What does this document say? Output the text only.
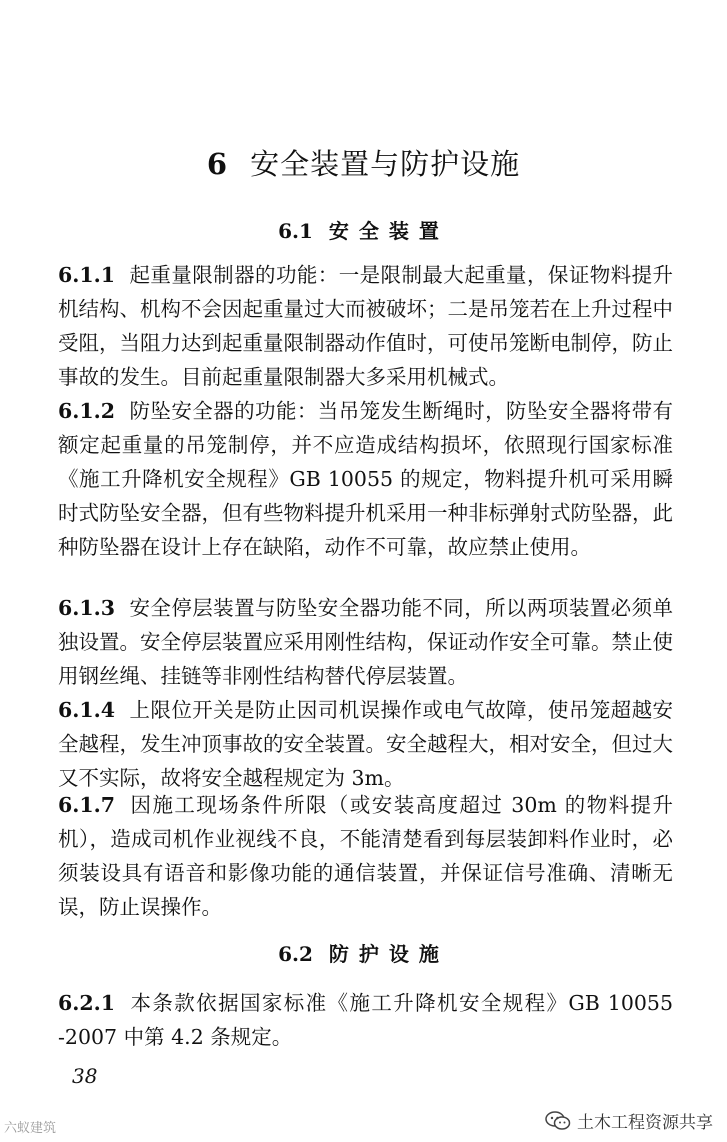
6 安全装置与防护设施
6.1 安全装置
6.1.1 起重量限制器的功能：一是限制最大起重量，保证物料提升机结构、机构不会因起重量过大而被破坏；二是吊笼若在上升过程中受阻，当阻力达到起重量限制器动作值时，可使吊笼断电制停，防止事故的发生。目前起重量限制器大多采用机械式。
6.1.2 防坠安全器的功能：当吊笼发生断绳时，防坠安全器将带有额定起重量的吊笼制停，并不应造成结构损坏，依照现行国家标准《施工升降机安全规程》GB 10055 的规定，物料提升机可采用瞬时式防坠安全器，但有些物料提升机采用一种非标弹射式防坠器，此种防坠器在设计上存在缺陷，动作不可靠，故应禁止使用。
6.1.3 安全停层装置与防坠安全器功能不同，所以两项装置必须单独设置。安全停层装置应采用刚性结构，保证动作安全可靠。禁止使用钢丝绳、挂链等非刚性结构替代停层装置。
6.1.4 上限位开关是防止因司机误操作或电气故障，使吊笼超越安全越程，发生冲顶事故的安全装置。安全越程大，相对安全，但过大又不实际，故将安全越程规定为 3m。
6.1.7 因施工现场条件所限（或安装高度超过 30m 的物料提升机），造成司机作业视线不良，不能清楚看到每层装卸料作业时，必须装设具有语音和影像功能的通信装置，并保证信号准确、清晰无误，防止误操作。
6.2 防护设施
6.2.1 本条款依据国家标准《施工升降机安全规程》GB 10055 -2007 中第 4.2 条规定。
38
六蚁建筑	土木工程资源共享
